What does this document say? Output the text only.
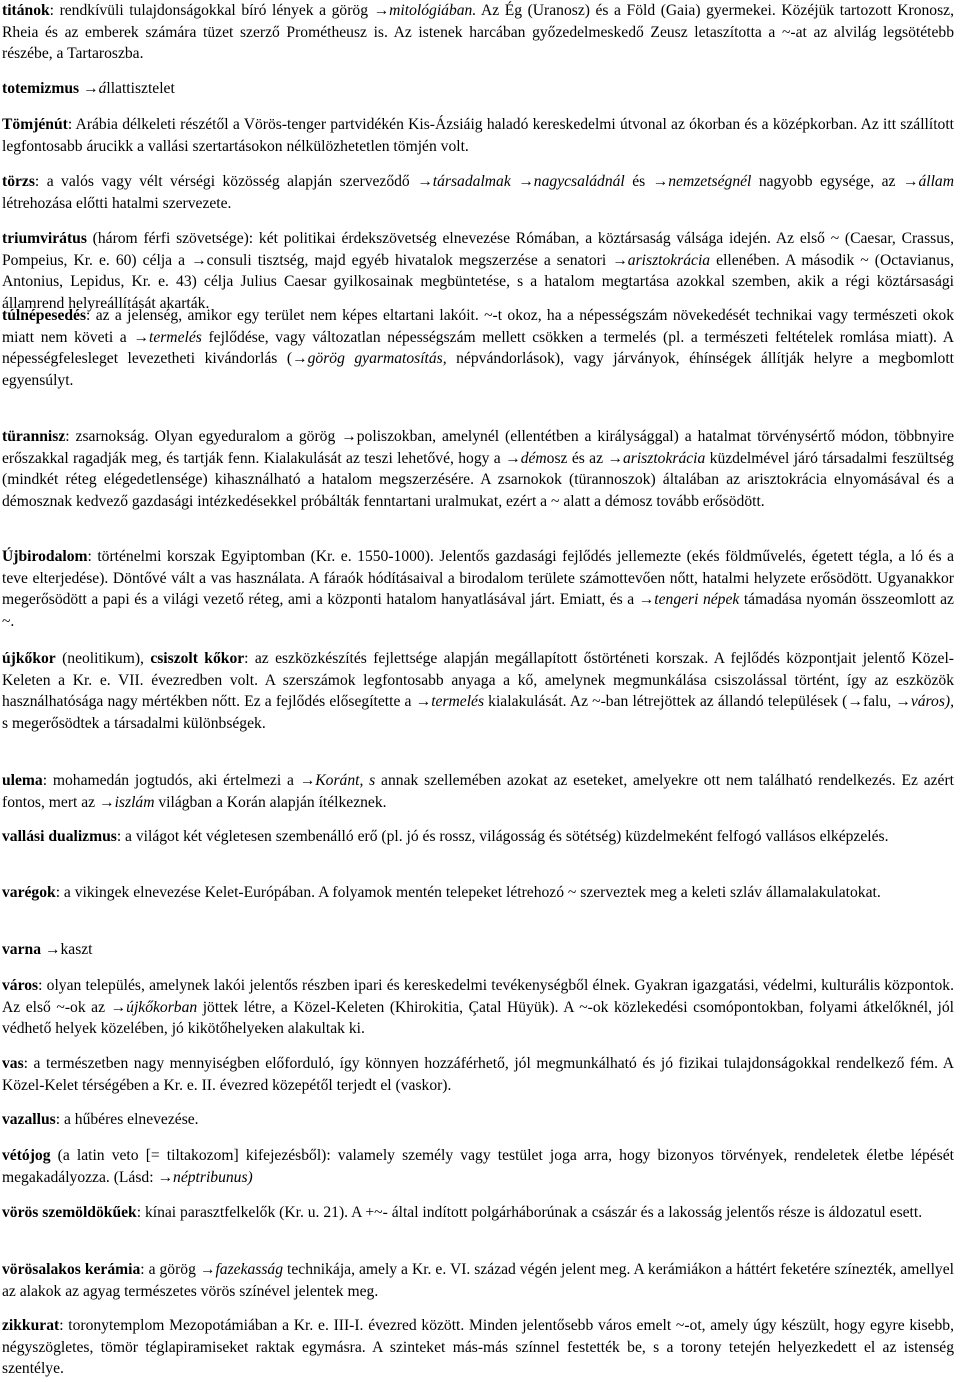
titánok: rendkívüli tulajdonságokkal bíró lények a görög →mitológiában. Az Ég (Uranosz) és a Föld (Gaia) gyermekei. Közéjük tartozott Kronosz, Rheia és az emberek számára tüzet szerző Prométheusz is. Az istenek harcában győzedelmeskedő Zeusz letaszította a ~-at az alvilág legsötétebb részébe, a Tartaroszba.

totemizmus →állattisztelet

Tömjénút: Arábia délkeleti részétől a Vörös-tenger partvidékén Kis-Ázsiáig haladó kereskedelmi útvonal az ókorban és a középkorban. Az itt szállított legfontosabb árucikk a vallási szertartásokon nélkülözhetetlen tömjén volt.

törzs: a valós vagy vélt vérségi közösség alapján szerveződő →társadalmak →nagycsaládnál és →nemzetségnél nagyobb egysége, az →állam létrehozása előtti hatalmi szervezete.

triumvirátus (három férfi szövetsége): két politikai érdekszövetség elnevezése Rómában, a köztársaság válsága idején. Az első ~ (Caesar, Crassus, Pompeius, Kr. e. 60) célja a →consuli tisztség, majd egyéb hivatalok megszerzése a senatori →arisztokrácia ellenében. A második ~ (Octavianus, Antonius, Lepidus, Kr. e. 43) célja Julius Caesar gyilkosainak megbüntetése, s a hatalom megtartása azokkal szemben, akik a régi köztársasági államrend helyreállítását akarták.

túlnépesedés: az a jelenség, amikor egy terület nem képes eltartani lakóit. ~-t okoz, ha a népességszám növekedését technikai vagy természeti okok miatt nem követi a →termelés fejlődése, vagy változatlan népességszám mellett csökken a termelés (pl. a természeti feltételek romlása miatt). A népességfelesleget levezetheti kivándorlás (→görög gyarmatosítás, népvándorlások), vagy járványok, éhínségek állítják helyre a megbomlott egyensúlyt.

türannisz: zsarnokság. Olyan egyeduralom a görög →poliszokban, amelynél (ellentétben a királysággal) a hatalmat törvénysértő módon, többnyire erőszakkal ragadják meg, és tartják fenn. Kialakulását az teszi lehetővé, hogy a →démosz és az →arisztokrácia küzdelmével járó társadalmi feszültség (mindkét réteg elégedetlensége) kihasználható a hatalom megszerzésére. A zsarnokok (türannoszok) általában az arisztokrácia elnyomásával és a démosznak kedvező gazdasági intézkedésekkel próbálták fenntartani uralmukat, ezért a ~ alatt a démosz tovább erősödött.

Újbirodalom: történelmi korszak Egyiptomban (Kr. e. 1550-1000). Jelentős gazdasági fejlődés jellemezte (ekés földművelés, égetett tégla, a ló és a teve elterjedése). Döntővé vált a vas használata. A fáraók hódításaival a birodalom területe számottevően nőtt, hatalmi helyzete erősödött. Ugyanakkor megerősödött a papi és a világi vezető réteg, ami a központi hatalom hanyatlásával járt. Emiatt, és a →tengeri népek támadása nyomán összeomlott az ~.

újkőkor (neolitikum), csiszolt kőkor: az eszközkészítés fejlettsége alapján megállapított őstörténeti korszak. A fejlődés központjait jelentő Közel-Keleten a Kr. e. VII. évezredben volt. A szerszámok legfontosabb anyaga a kő, amelynek megmunkálása csiszolással történt, így az eszközök használhatósága nagy mértékben nőtt. Ez a fejlődés elősegítette a →termelés kialakulását. Az ~-ban létrejöttek az állandó települések (→falu, →város), s megerősödtek a társadalmi különbségek.

ulema: mohamedán jogtudós, aki értelmezi a →Koránt, s annak szellemében azokat az eseteket, amelyekre ott nem található rendelkezés. Ez azért fontos, mert az →iszlám világban a Korán alapján ítélkeznek.

vallási dualizmus: a világot két végletesen szembenálló erő (pl. jó és rossz, világosság és sötétség) küzdelmeként felfogó vallásos elképzelés.

varégok: a vikingek elnevezése Kelet-Európában. A folyamok mentén telepeket létrehozó ~ szerveztek meg a keleti szláv államalakulatokat.

varna →kaszt

város: olyan település, amelynek lakói jelentős részben ipari és kereskedelmi tevékenységből élnek. Gyakran igazgatási, védelmi, kulturális központok. Az első ~-ok az →újkőkorban jöttek létre, a Közel-Keleten (Khirokitia, Çatal Hüyük). A ~-ok közlekedési csomópontokban, folyami átkelőknél, jól védhető helyek közelében, jó kikötőhelyeken alakultak ki.

vas: a természetben nagy mennyiségben előforduló, így könnyen hozzáférhető, jól megmunkálható és jó fizikai tulajdonságokkal rendelkező fém. A Közel-Kelet térségében a Kr. e. II. évezred közepétől terjedt el (vaskor).

vazallus: a hűbéres elnevezése.

vétójog (a latin veto [= tiltakozom] kifejezésből): valamely személy vagy testület joga arra, hogy bizonyos törvények, rendeletek életbe lépését megakadályozza. (Lásd: →néptribunus)

vörös szemöldökűek: kínai parasztfelkelők (Kr. u. 21). A +~- által indított polgárháborúnak a császár és a lakosság jelentős része is áldozatul esett.

vörösalakos kerámia: a görög →fazekasság technikája, amely a Kr. e. VI. század végén jelent meg. A kerámiákon a háttért feketére színezték, amellyel az alakok az agyag természetes vörös színével jelentek meg.

zikkurat: toronytemplom Mezopotámiában a Kr. e. III-I. évezred között. Minden jelentősebb város emelt ~-ot, amely úgy készült, hogy egyre kisebb, négyszögletes, tömör téglapiramiseket raktak egymásra. A szinteket más-más színnel festették be, s a torony tetején helyezkedett el az istenség szentélye.
